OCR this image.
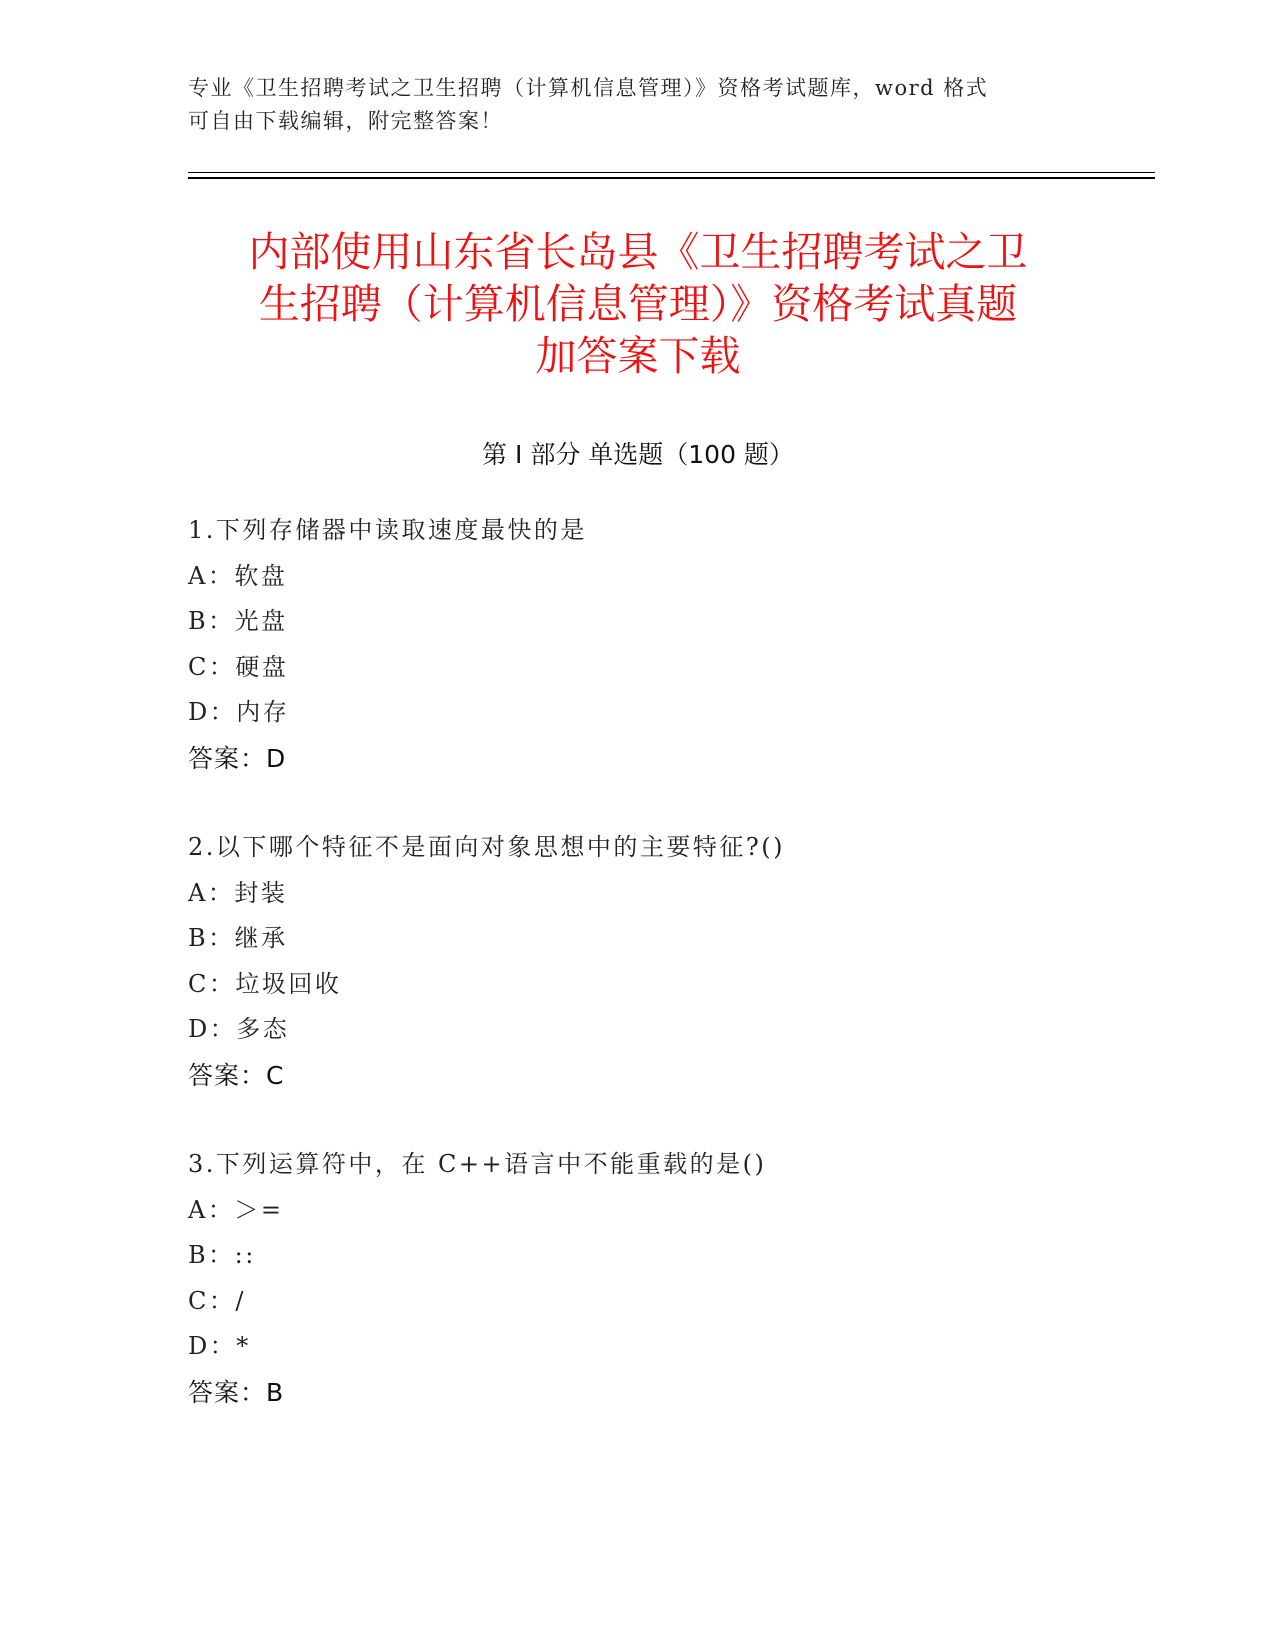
专业《卫生招聘考试之卫生招聘（计算机信息管理）》资格考试题库，word 格式
可自由下载编辑，附完整答案！
内部使用山东省长岛县《卫生招聘考试之卫
生招聘（计算机信息管理）》资格考试真题
加答案下载
第 I 部分 单选题（100 题）
1.下列存储器中读取速度最快的是
A：软盘
B：光盘
C：硬盘
D：内存
答案：D
2.以下哪个特征不是面向对象思想中的主要特征?()
A：封装
B：继承
C：垃圾回收
D：多态
答案：C
3.下列运算符中，在 C++语言中不能重载的是()
A：＞=
B：::
C：/
D：*
答案：B
